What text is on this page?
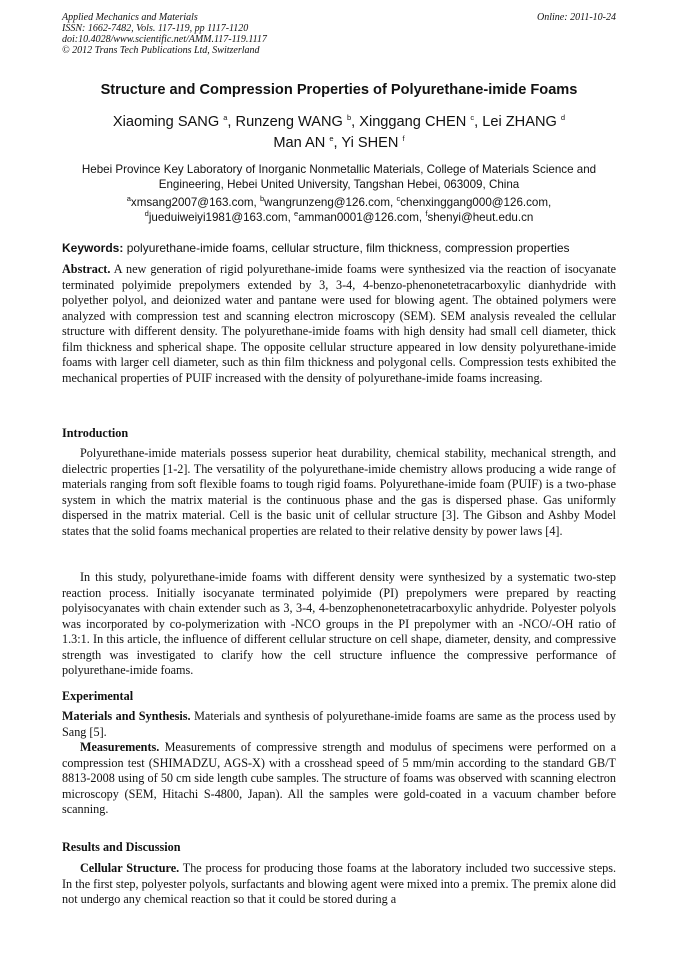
Applied Mechanics and Materials
ISSN: 1662-7482, Vols. 117-119, pp 1117-1120
doi:10.4028/www.scientific.net/AMM.117-119.1117
© 2012 Trans Tech Publications Ltd, Switzerland
Online: 2011-10-24
Structure and Compression Properties of Polyurethane-imide Foams
Xiaoming SANG $^a$, Runzeng WANG $^b$, Xinggang CHEN $^c$, Lei ZHANG $^d$
Man AN $^e$, Yi SHEN $^f$
Hebei Province Key Laboratory of Inorganic Nonmetallic Materials, College of Materials Science and Engineering, Hebei United University, Tangshan Hebei, 063009, China
$^a$xmsang2007@163.com, $^b$wangrunzeng@126.com, $^c$chenxinggang000@126.com,
$^d$jueduiweiyi1981@163.com, $^e$amman0001@126.com, $^f$shenyi@heut.edu.cn
Keywords: polyurethane-imide foams, cellular structure, film thickness, compression properties
Abstract. A new generation of rigid polyurethane-imide foams were synthesized via the reaction of isocyanate terminated polyimide prepolymers extended by 3, 3-4, 4-benzo-phenonetetracarboxylic dianhydride with polyether polyol, and deionized water and pantane were used for blowing agent. The obtained polymers were analyzed with compression test and scanning electron microscopy (SEM). SEM analysis revealed the cellular structure with different density. The polyurethane-imide foams with high density had small cell diameter, thick film thickness and spherical shape. The opposite cellular structure appeared in low density polyurethane-imide foams with larger cell diameter, such as thin film thickness and polygonal cells. Compression tests exhibited the mechanical properties of PUIF increased with the density of polyurethane-imide foams increasing.
Introduction
Polyurethane-imide materials possess superior heat durability, chemical stability, mechanical strength, and dielectric properties [1-2]. The versatility of the polyurethane-imide chemistry allows producing a wide range of materials ranging from soft flexible foams to tough rigid foams. Polyurethane-imide foam (PUIF) is a two-phase system in which the matrix material is the continuous phase and the gas is dispersed phase. Gas uniformly dispersed in the matrix material. Cell is the basic unit of cellular structure [3]. The Gibson and Ashby Model states that the solid foams mechanical properties are related to their relative density by power laws [4].
In this study, polyurethane-imide foams with different density were synthesized by a systematic two-step reaction process. Initially isocyanate terminated polyimide (PI) prepolymers were prepared by reacting polyisocyanates with chain extender such as 3, 3-4, 4-benzophenonetetracarboxylic anhydride. Polyester polyols was incorporated by co-polymerization with -NCO groups in the PI prepolymer with an -NCO/-OH ratio of 1.3:1. In this article, the influence of different cellular structure on cell shape, diameter, density, and compressive strength was investigated to clarify how the cell structure influence the compressive performance of polyurethane-imide foams.
Experimental
Materials and Synthesis. Materials and synthesis of polyurethane-imide foams are same as the process used by Sang [5].
Measurements. Measurements of compressive strength and modulus of specimens were performed on a compression test (SHIMADZU, AGS-X) with a crosshead speed of 5 mm/min according to the standard GB/T 8813-2008 using of 50 cm side length cube samples. The structure of foams was observed with scanning electron microscopy (SEM, Hitachi S-4800, Japan). All the samples were gold-coated in a vacuum chamber before scanning.
Results and Discussion
Cellular Structure. The process for producing those foams at the laboratory included two successive steps. In the first step, polyester polyols, surfactants and blowing agent were mixed into a premix. The premix alone did not undergo any chemical reaction so that it could be stored during a
